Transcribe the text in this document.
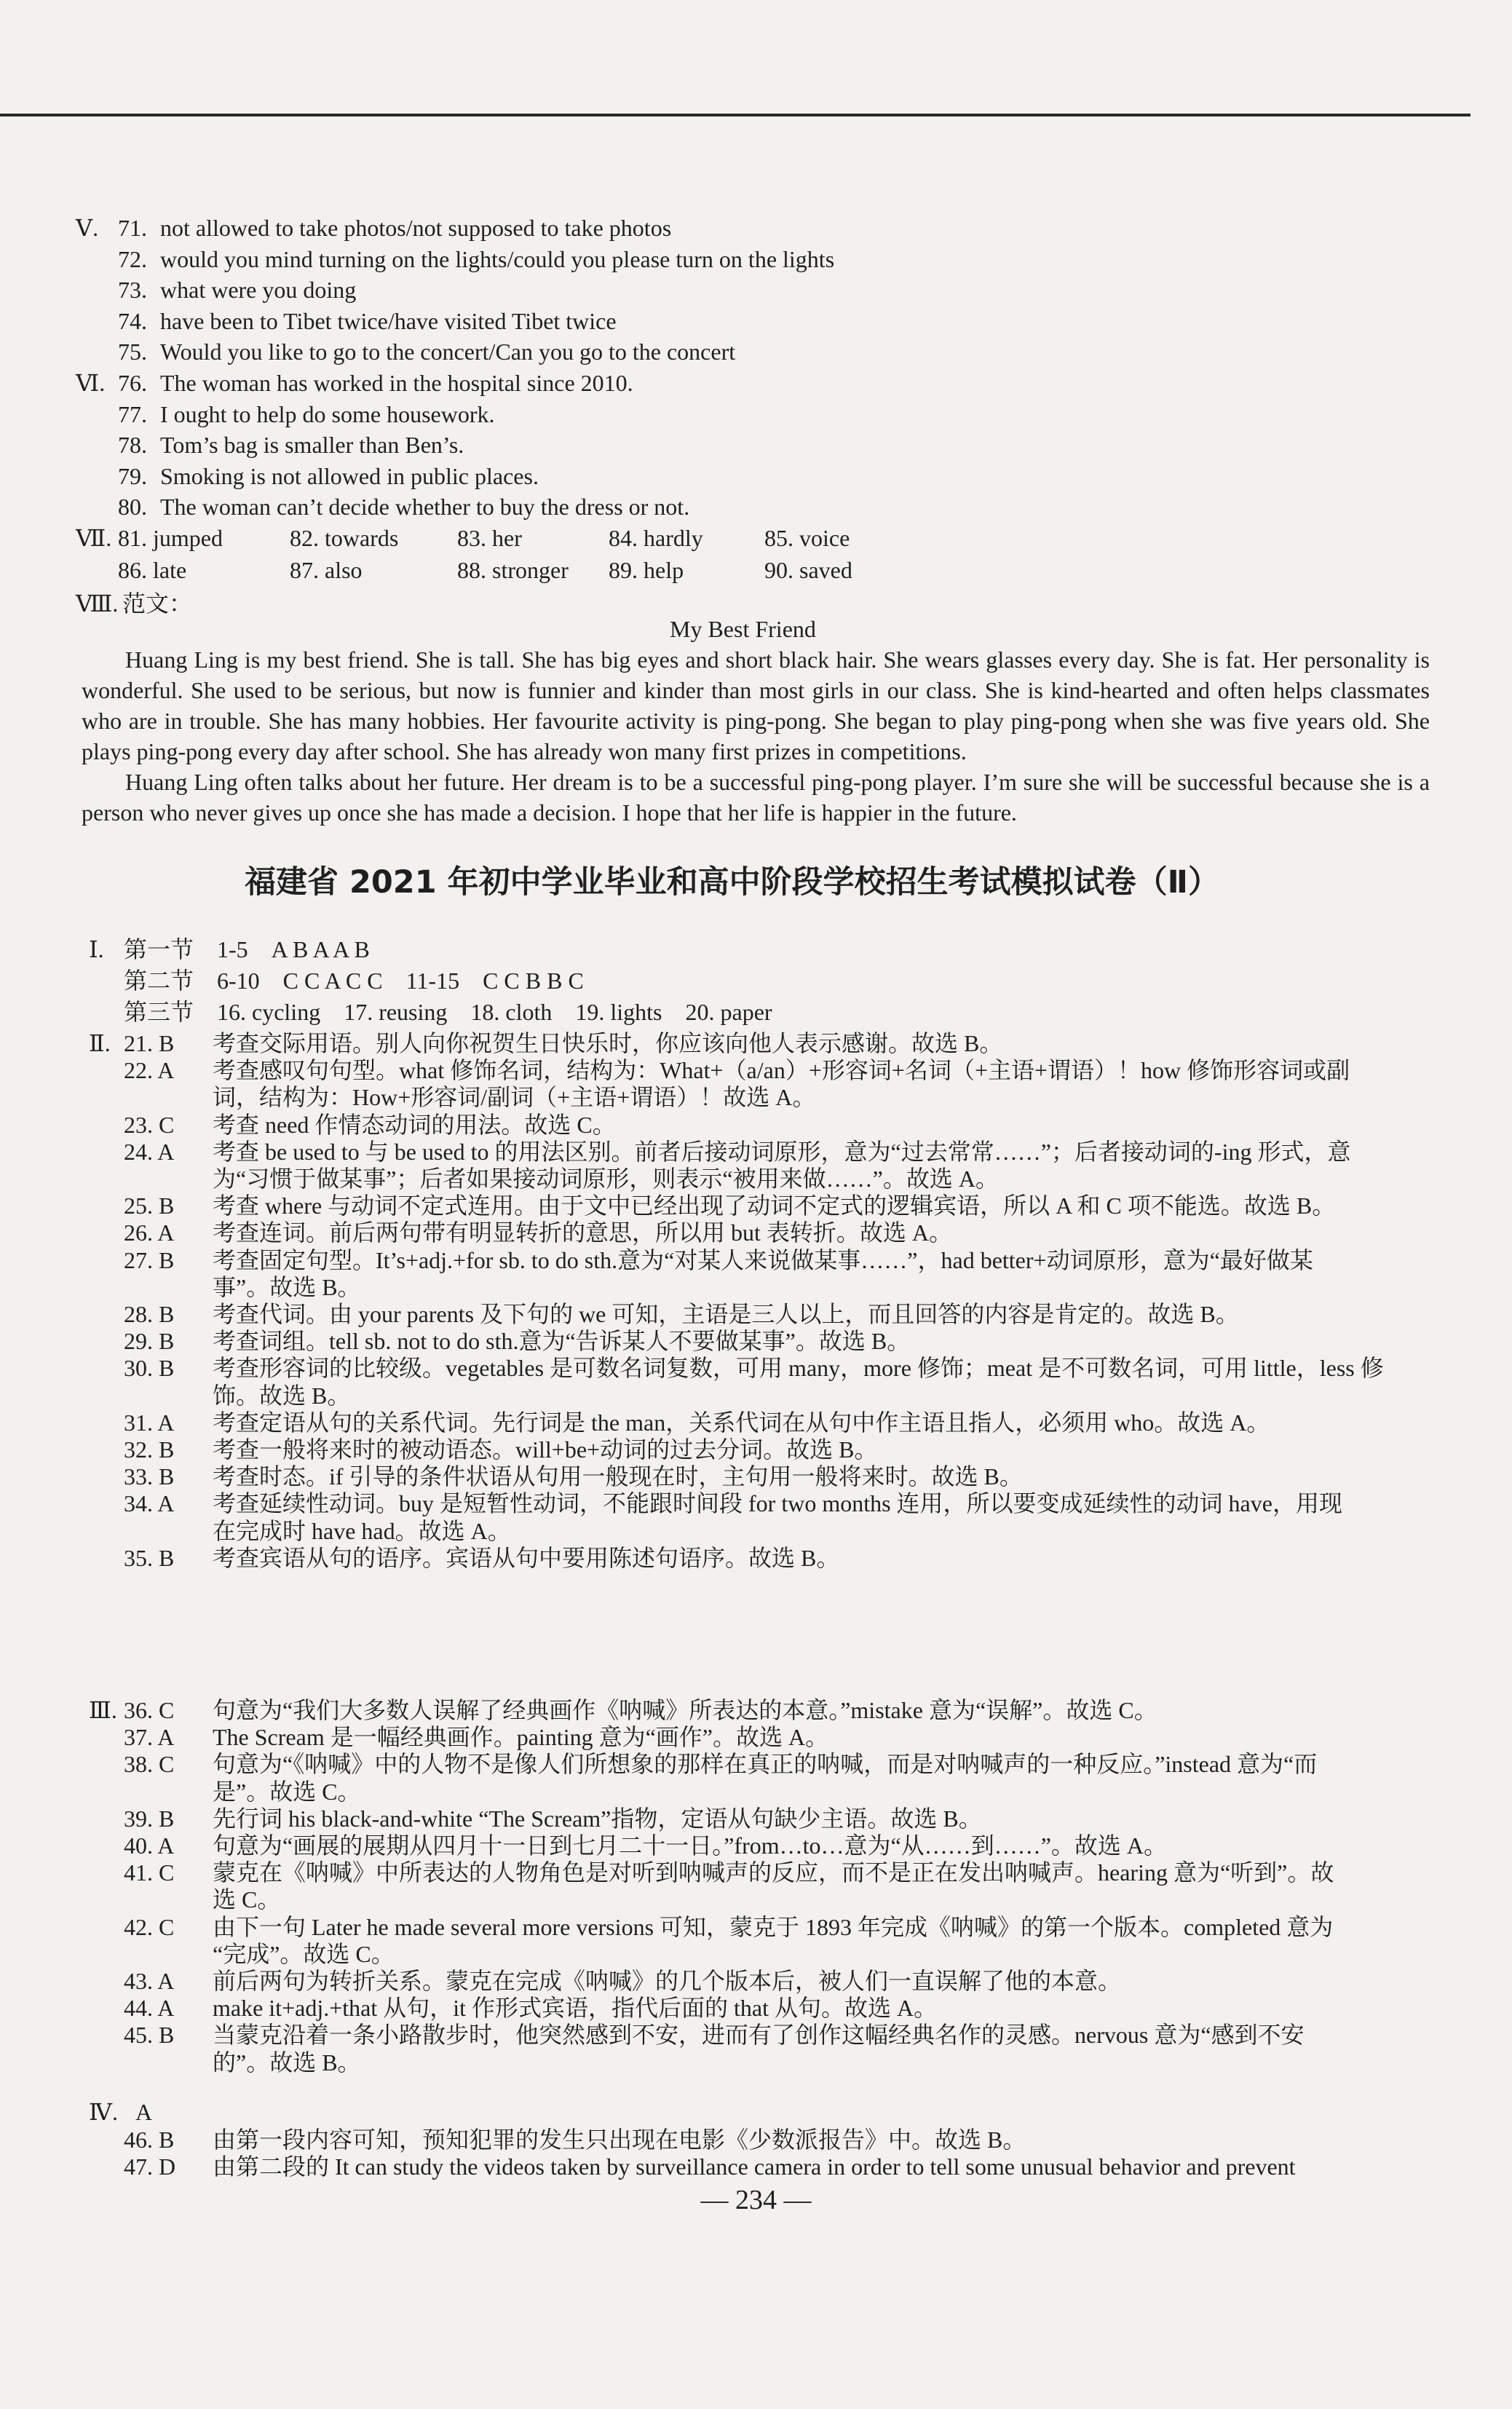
Ⅴ.
Ⅵ.
Ⅶ.
Ⅷ. 范文：
My Best Friend
Huang Ling is my best friend. She is tall. She has big eyes and short black hair. She wears glasses every day. She is fat. Her personality is wonderful. She used to be serious, but now is funnier and kinder than most girls in our class. She is kind-hearted and often helps classmates who are in trouble. She has many hobbies. Her favourite activity is ping-pong. She began to play ping-pong when she was five years old. She plays ping-pong every day after school. She has already won many first prizes in competitions.
Huang Ling often talks about her future. Her dream is to be a successful ping-pong player. I’m sure she will be successful because she is a person who never gives up once she has made a decision. I hope that her life is happier in the future.
福建省 2021 年初中学业毕业和高中阶段学校招生考试模拟试卷（Ⅱ）
Ⅰ.
Ⅱ.
Ⅲ.
Ⅳ. A
— 234 —
71. not allowed to take photos/not supposed to take photos
72. would you mind turning on the lights/could you please turn on the lights
73. what were you doing
74. have been to Tibet twice/have visited Tibet twice
75. Would you like to go to the concert/Can you go to the concert
76. The woman has worked in the hospital since 2010.
77. I ought to help do some housework.
78. Tom’s bag is smaller than Ben’s.
79. Smoking is not allowed in public places.
80. The woman can’t decide whether to buy the dress or not.
81. jumped	82. towards	83. her	84. hardly	85. voice
86. late	87. also	88. stronger 89. help	90. saved
第一节　1-5　A B A A B
第二节　6-10　C C A C C　11-15　C C B B C
第三节　16. cycling　17. reusing　18. cloth　19. lights　20. paper
21. B 考查交际用语。别人向你祝贺生日快乐时，你应该向他人表示感谢。故选 B。
22. A 考查感叹句句型。what 修饰名词，结构为：What+（a/an）+形容词+名词（+主语+谓语）！how 修饰形容词或副
词，结构为：How+形容词/副词（+主语+谓语）！故选 A。
23. C 考查 need 作情态动词的用法。故选 C。
24. A 考查 be used to 与 be used to 的用法区别。前者后接动词原形，意为“过去常常……”；后者接动词的-ing 形式，意
为“习惯于做某事”；后者如果接动词原形，则表示“被用来做……”。故选 A。
25. B 考查 where 与动词不定式连用。由于文中已经出现了动词不定式的逻辑宾语，所以 A 和 C 项不能选。故选 B。
26. A 考查连词。前后两句带有明显转折的意思，所以用 but 表转折。故选 A。
27. B 考查固定句型。It’s+adj.+for sb. to do sth.意为“对某人来说做某事……”，had better+动词原形，意为“最好做某
事”。故选 B。
28. B 考查代词。由 your parents 及下句的 we 可知，主语是三人以上，而且回答的内容是肯定的。故选 B。
29. B 考查词组。tell sb. not to do sth.意为“告诉某人不要做某事”。故选 B。
30. B 考查形容词的比较级。vegetables 是可数名词复数，可用 many，more 修饰；meat 是不可数名词，可用 little，less 修
饰。故选 B。
31. A 考查定语从句的关系代词。先行词是 the man，关系代词在从句中作主语且指人，必须用 who。故选 A。
32. B 考查一般将来时的被动语态。will+be+动词的过去分词。故选 B。
33. B 考查时态。if 引导的条件状语从句用一般现在时，主句用一般将来时。故选 B。
34. A 考查延续性动词。buy 是短暂性动词，不能跟时间段 for two months 连用，所以要变成延续性的动词 have，用现
在完成时 have had。故选 A。
35. B 考查宾语从句的语序。宾语从句中要用陈述句语序。故选 B。
36. C 句意为“我们大多数人误解了经典画作《呐喊》所表达的本意。”mistake 意为“误解”。故选 C。
37. A The Scream 是一幅经典画作。painting 意为“画作”。故选 A。
38. C 句意为“《呐喊》中的人物不是像人们所想象的那样在真正的呐喊，而是对呐喊声的一种反应。”instead 意为“而
是”。故选 C。
39. B 先行词 his black-and-white “The Scream”指物，定语从句缺少主语。故选 B。
40. A 句意为“画展的展期从四月十一日到七月二十一日。”from…to…意为“从……到……”。故选 A。
41. C 蒙克在《呐喊》中所表达的人物角色是对听到呐喊声的反应，而不是正在发出呐喊声。hearing 意为“听到”。故
选 C。
42. C 由下一句 Later he made several more versions 可知，蒙克于 1893 年完成《呐喊》的第一个版本。completed 意为
“完成”。故选 C。
43. A 前后两句为转折关系。蒙克在完成《呐喊》的几个版本后，被人们一直误解了他的本意。
44. A make it+adj.+that 从句，it 作形式宾语，指代后面的 that 从句。故选 A。
45. B 当蒙克沿着一条小路散步时，他突然感到不安，进而有了创作这幅经典名作的灵感。nervous 意为“感到不安
的”。故选 B。
46. B 由第一段内容可知，预知犯罪的发生只出现在电影《少数派报告》中。故选 B。
47. D 由第二段的 It can study the videos taken by surveillance camera in order to tell some unusual behavior and prevent
